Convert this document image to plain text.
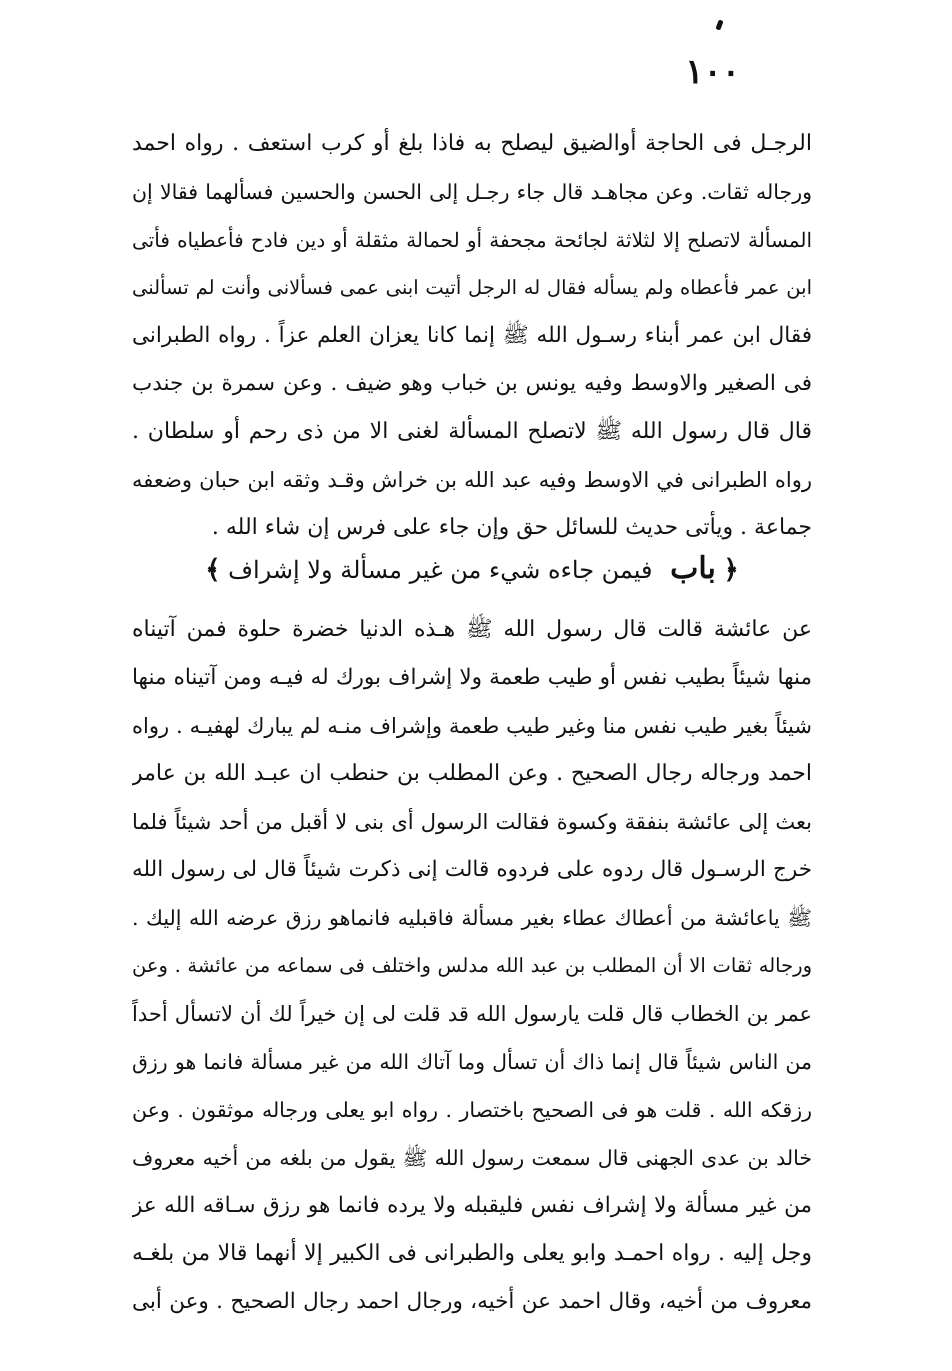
١٠٠
الرجـل فى الحاجة أوالضيق ليصلح به فاذا بلغ أو كرب استعف . رواه احمد
ورجاله ثقات. وعن مجاهـد قال جاء رجـل إلى الحسن والحسين فسألهما فقالا إن
المسألة لاتصلح إلا لثلاثة لجائحة مجحفة أو لحمالة مثقلة أو دين فادح فأعطياه فأتى
ابن عمر فأعطاه ولم يسأله فقال له الرجل أتيت ابنى عمى فسألانى وأنت لم تسألنى
فقال ابن عمر أبناء رسـول الله ﷺ إنما كانا يعزان العلم عزاً . رواه الطبرانى
فى الصغير والاوسط وفيه يونس بن خباب وهو ضيف . وعن سمرة بن جندب
قال قال رسول الله ﷺ لاتصلح المسألة لغنى الا من ذى رحم أو سلطان .
رواه الطبرانى في الاوسط وفيه عبد الله بن خراش وقـد وثقه ابن حبان وضعفه
جماعة . ويأتى حديث للسائل حق وإن جاء على فرس إن شاء الله .
﴿ باب فيمن جاءه شيء من غير مسألة ولا إشراف ﴾
عن عائشة قالت قال رسول الله ﷺ هـذه الدنيا خضرة حلوة فمن آتيناه
منها شيئاً بطيب نفس أو طيب طعمة ولا إشراف بورك له فيـه ومن آتيناه منها
شيئاً بغير طيب نفس منا وغير طيب طعمة وإشراف منـه لم يبارك لهفيـه . رواه
احمد ورجاله رجال الصحيح . وعن المطلب بن حنطب ان عبـد الله بن عامر
بعث إلى عائشة بنفقة وكسوة فقالت الرسول أى بنى لا أقبل من أحد شيئاً فلما
خرج الرسـول قال ردوه على فردوه قالت إنى ذكرت شيئاً قال لى رسول الله
ﷺ ياعائشة من أعطاك عطاء بغير مسألة فاقبليه فانماهو رزق عرضه الله إليك .
ورجاله ثقات الا أن المطلب بن عبد الله مدلس واختلف فى سماعه من عائشة . وعن
عمر بن الخطاب قال قلت يارسول الله قد قلت لى إن خيراً لك أن لاتسأل أحداً
من الناس شيئاً قال إنما ذاك أن تسأل وما آتاك الله من غير مسألة فانما هو رزق
رزقكه الله . قلت هو فى الصحيح باختصار . رواه ابو يعلى ورجاله موثقون . وعن
خالد بن عدى الجهنى قال سمعت رسول الله ﷺ يقول من بلغه من أخيه معروف
من غير مسألة ولا إشراف نفس فليقبله ولا يرده فانما هو رزق سـاقه الله عز
وجل إليه . رواه احمـد وابو يعلى والطبرانى فى الكبير إلا أنهما قالا من بلغـه
معروف من أخيه، وقال احمد عن أخيه، ورجال احمد رجال الصحيح . وعن أبى
